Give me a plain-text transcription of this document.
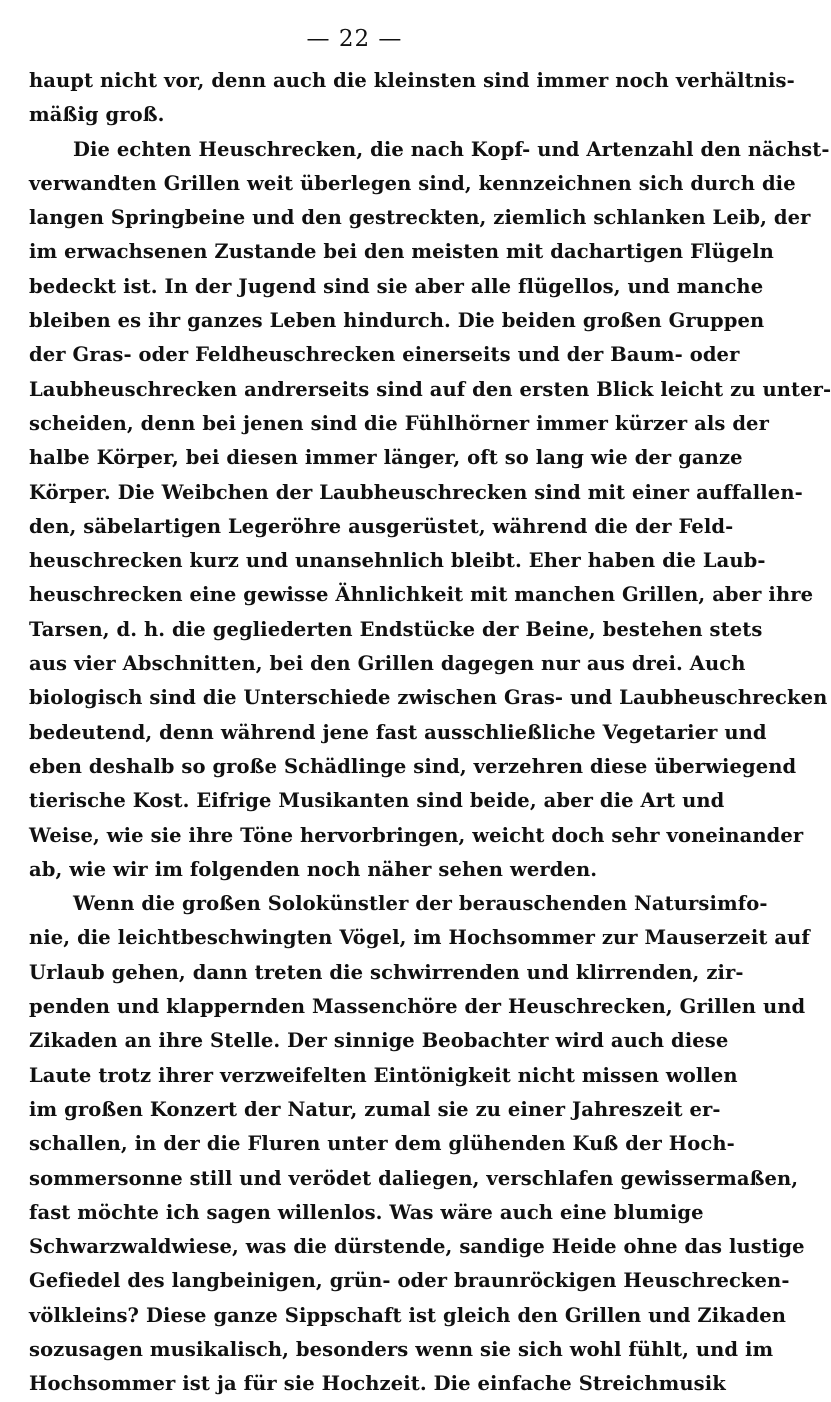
— 22 —
haupt nicht vor, denn auch die kleinsten sind immer noch verhältnis-
mäßig groß.
Die echten Heuschrecken, die nach Kopf- und Artenzahl den nächst-
verwandten Grillen weit überlegen sind, kennzeichnen sich durch die
langen Springbeine und den gestreckten, ziemlich schlanken Leib, der
im erwachsenen Zustande bei den meisten mit dachartigen Flügeln
bedeckt ist. In der Jugend sind sie aber alle flügellos, und manche
bleiben es ihr ganzes Leben hindurch. Die beiden großen Gruppen
der Gras- oder Feldheuschrecken einerseits und der Baum- oder
Laubheuschrecken andrerseits sind auf den ersten Blick leicht zu unter-
scheiden, denn bei jenen sind die Fühlhörner immer kürzer als der
halbe Körper, bei diesen immer länger, oft so lang wie der ganze
Körper. Die Weibchen der Laubheuschrecken sind mit einer auffallen-
den, säbelartigen Legeröhre ausgerüstet, während die der Feld-
heuschrecken kurz und unansehnlich bleibt. Eher haben die Laub-
heuschrecken eine gewisse Ähnlichkeit mit manchen Grillen, aber ihre
Tarsen, d. h. die gegliederten Endstücke der Beine, bestehen stets
aus vier Abschnitten, bei den Grillen dagegen nur aus drei. Auch
biologisch sind die Unterschiede zwischen Gras- und Laubheuschrecken
bedeutend, denn während jene fast ausschließliche Vegetarier und
eben deshalb so große Schädlinge sind, verzehren diese überwiegend
tierische Kost. Eifrige Musikanten sind beide, aber die Art und
Weise, wie sie ihre Töne hervorbringen, weicht doch sehr voneinander
ab, wie wir im folgenden noch näher sehen werden.
Wenn die großen Solokünstler der berauschenden Natursimfo-
nie, die leichtbeschwingten Vögel, im Hochsommer zur Mauserzeit auf
Urlaub gehen, dann treten die schwirrenden und klirrenden, zir-
penden und klappernden Massenchöre der Heuschrecken, Grillen und
Zikaden an ihre Stelle. Der sinnige Beobachter wird auch diese
Laute trotz ihrer verzweifelten Eintönigkeit nicht missen wollen
im großen Konzert der Natur, zumal sie zu einer Jahreszeit er-
schallen, in der die Fluren unter dem glühenden Kuß der Hoch-
sommersonne still und verödet daliegen, verschlafen gewissermaßen,
fast möchte ich sagen willenlos. Was wäre auch eine blumige
Schwarzwaldwiese, was die dürstende, sandige Heide ohne das lustige
Gefiedel des langbeinigen, grün- oder braunröckigen Heuschrecken-
völkleins? Diese ganze Sippschaft ist gleich den Grillen und Zikaden
sozusagen musikalisch, besonders wenn sie sich wohl fühlt, und im
Hochsommer ist ja für sie Hochzeit. Die einfache Streichmusik
